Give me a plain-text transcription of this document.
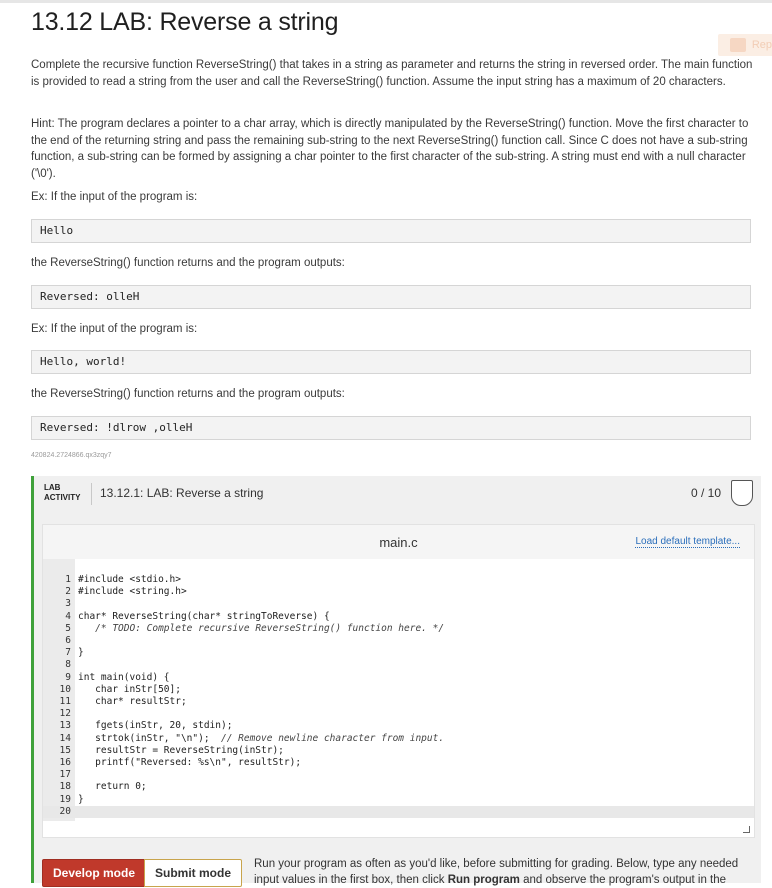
Rep
13.12 LAB: Reverse a string

Complete the recursive function ReverseString() that takes in a string as parameter and returns the string in reversed order. The main function is provided to read a string from the user and call the ReverseString() function. Assume the input string has a maximum of 20 characters.

Hint: The program declares a pointer to a char array, which is directly manipulated by the ReverseString() function. Move the first character to the end of the returning string and pass the remaining sub-string to the next ReverseString() function call. Since C does not have a sub-string function, a sub-string can be formed by assigning a char pointer to the first character of the sub-string. A string must end with a null character ('\0').

Ex: If the input of the program is:

Hello

the ReverseString() function returns and the program outputs:

Reversed: olleH

Ex: If the input of the program is:

Hello, world!

the ReverseString() function returns and the program outputs:

Reversed: !dlrow ,olleH
420824.2724866.qx3zqy7
LAB
ACTIVITY 13.12.1: LAB: Reverse a string	0 / 10
main.c	Load default template...
1 #include <stdio.h>
2 #include <string.h>
3
4 char* ReverseString(char* stringToReverse) {
5	/* TODO: Complete recursive ReverseString() function here. */
6
7 }
8
9 int main(void) {
10 char inStr[50];
11 char* resultStr;
12
13 fgets(inStr, 20, stdin);
14 strtok(inStr, "\n");  // Remove newline character from input.
15 resultStr = ReverseString(inStr);
16 printf("Reversed: %s\n", resultStr);
17
18 return 0;
19 }
20
Develop mode	Submit mode
Run your program as often as you'd like, before submitting for grading. Below, type any needed input values in the first box, then click Run program and observe the program's output in the
